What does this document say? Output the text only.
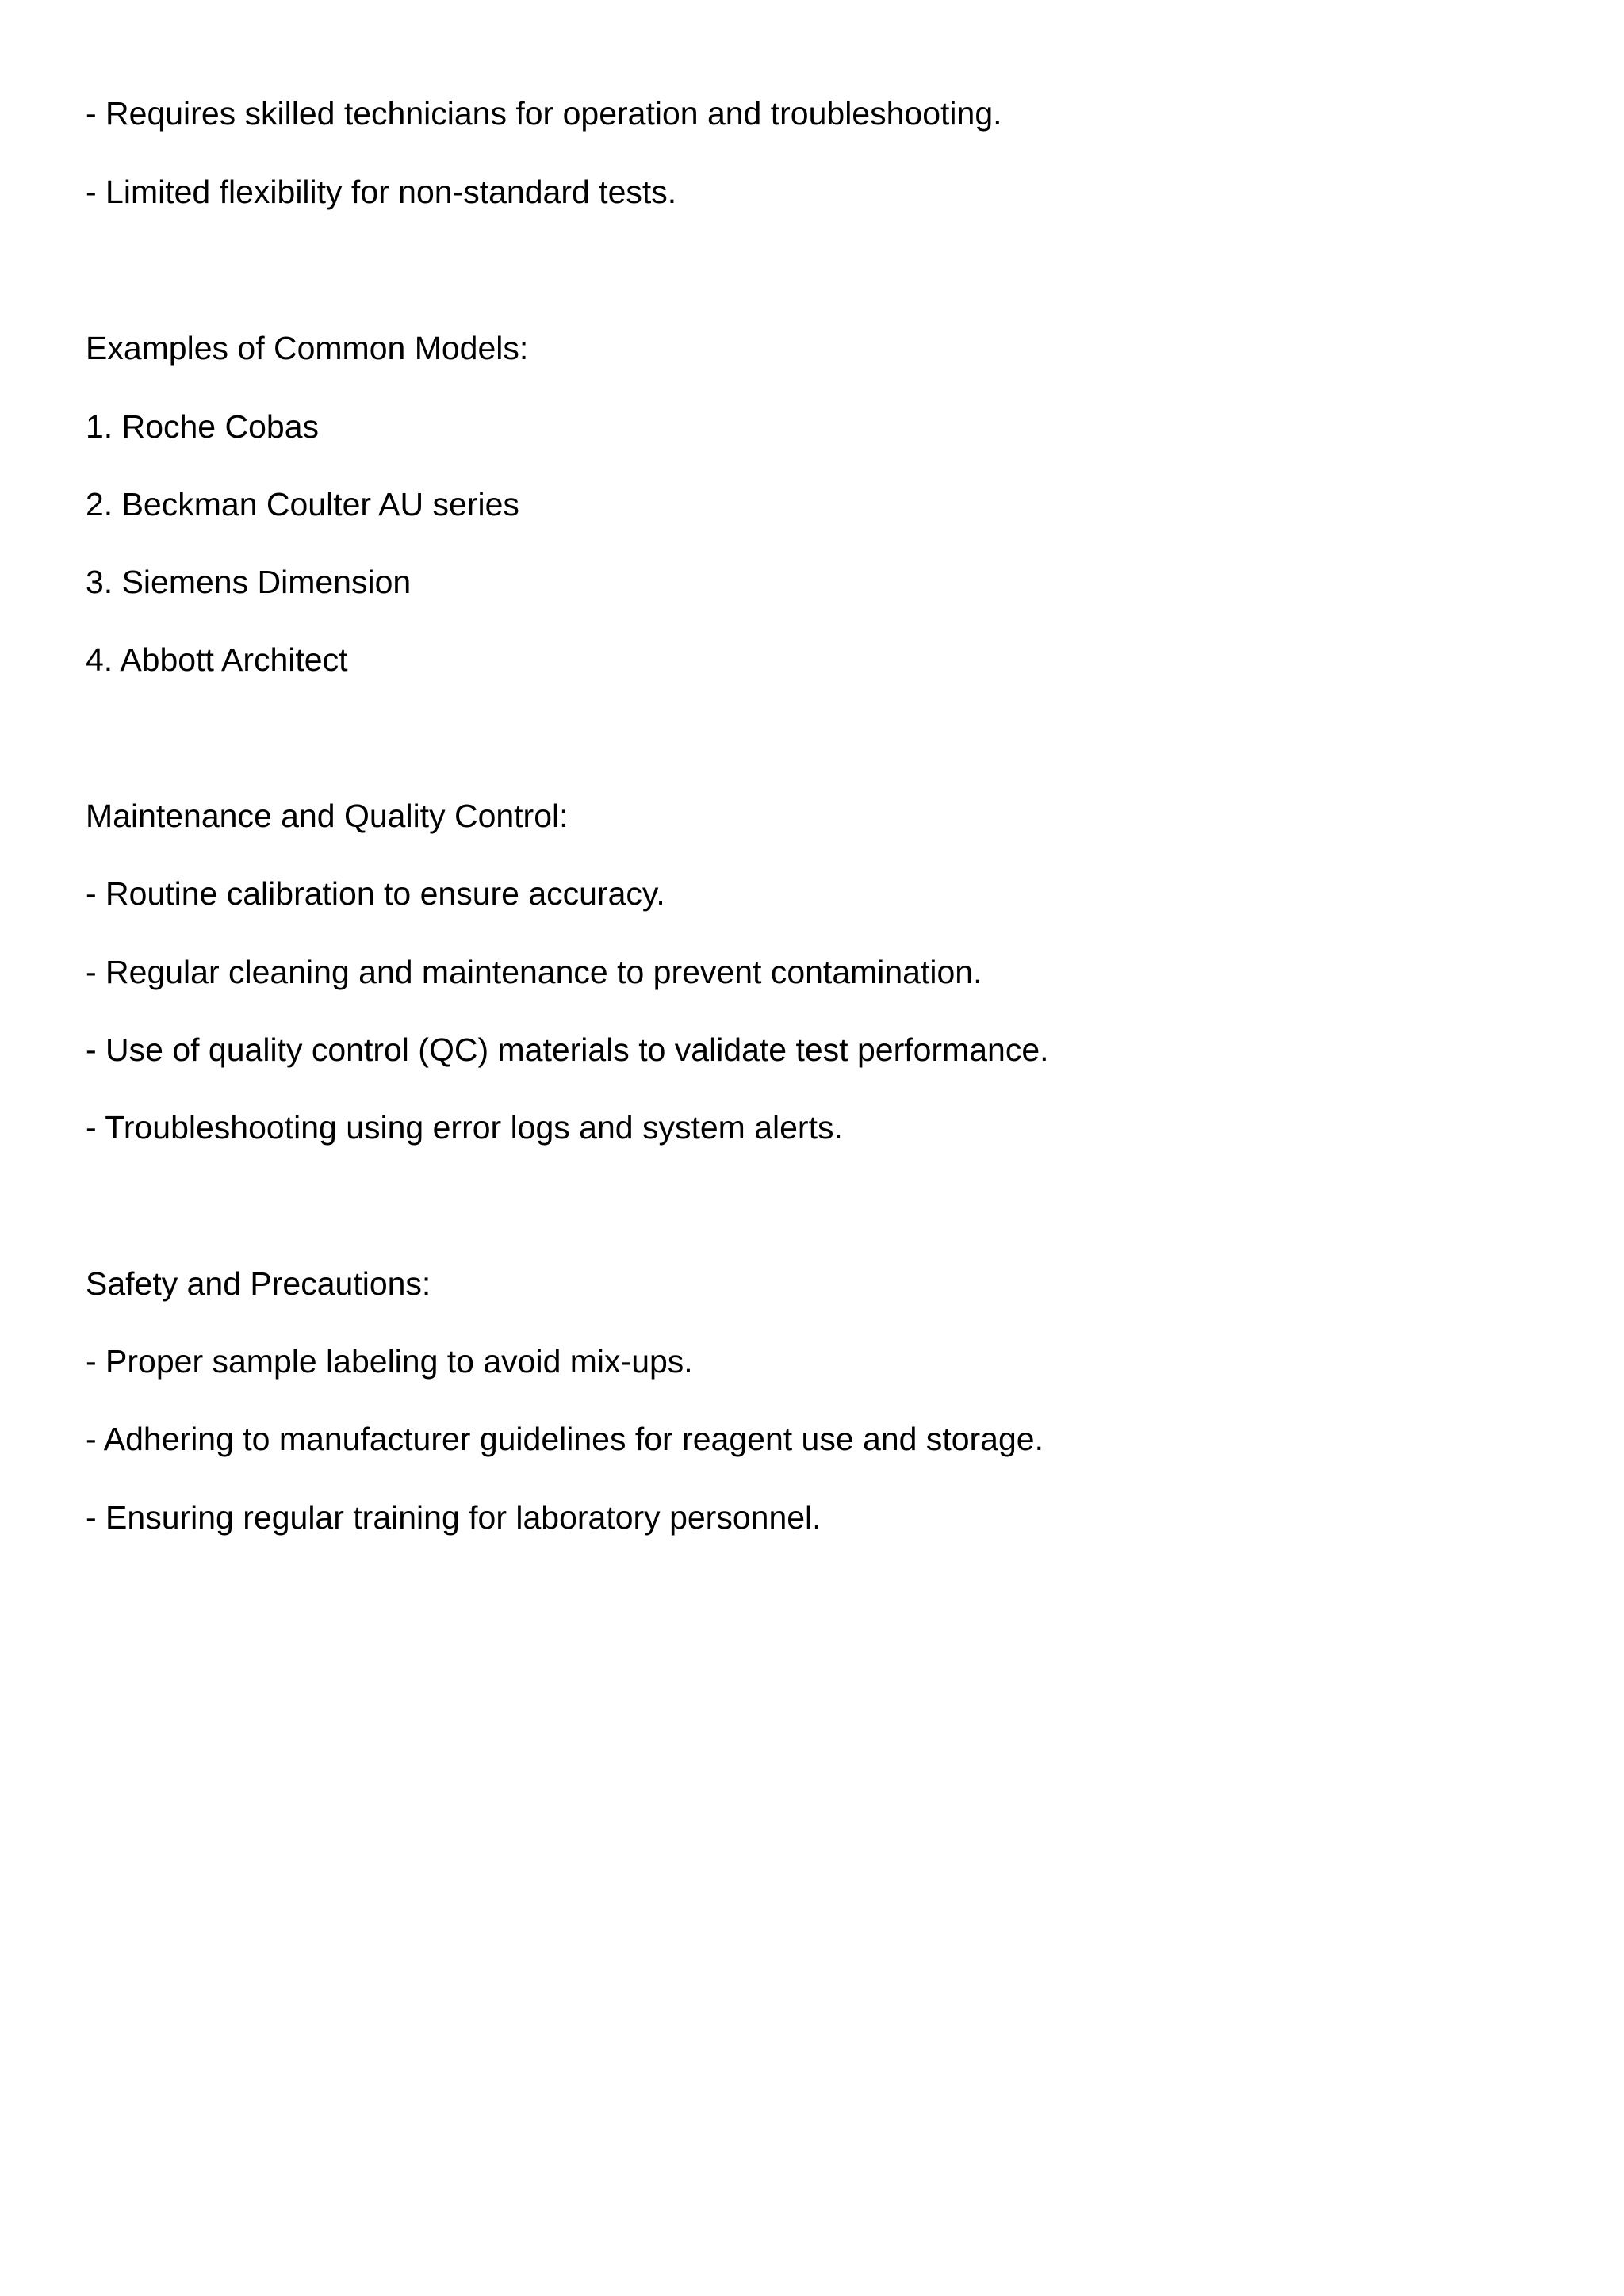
- Requires skilled technicians for operation and troubleshooting.

- Limited flexibility for non-standard tests.

Examples of Common Models:

1. Roche Cobas

2. Beckman Coulter AU series

3. Siemens Dimension

4. Abbott Architect

Maintenance and Quality Control:

- Routine calibration to ensure accuracy.

- Regular cleaning and maintenance to prevent contamination.

- Use of quality control (QC) materials to validate test performance.

- Troubleshooting using error logs and system alerts.

Safety and Precautions:

- Proper sample labeling to avoid mix-ups.

- Adhering to manufacturer guidelines for reagent use and storage.

- Ensuring regular training for laboratory personnel.
